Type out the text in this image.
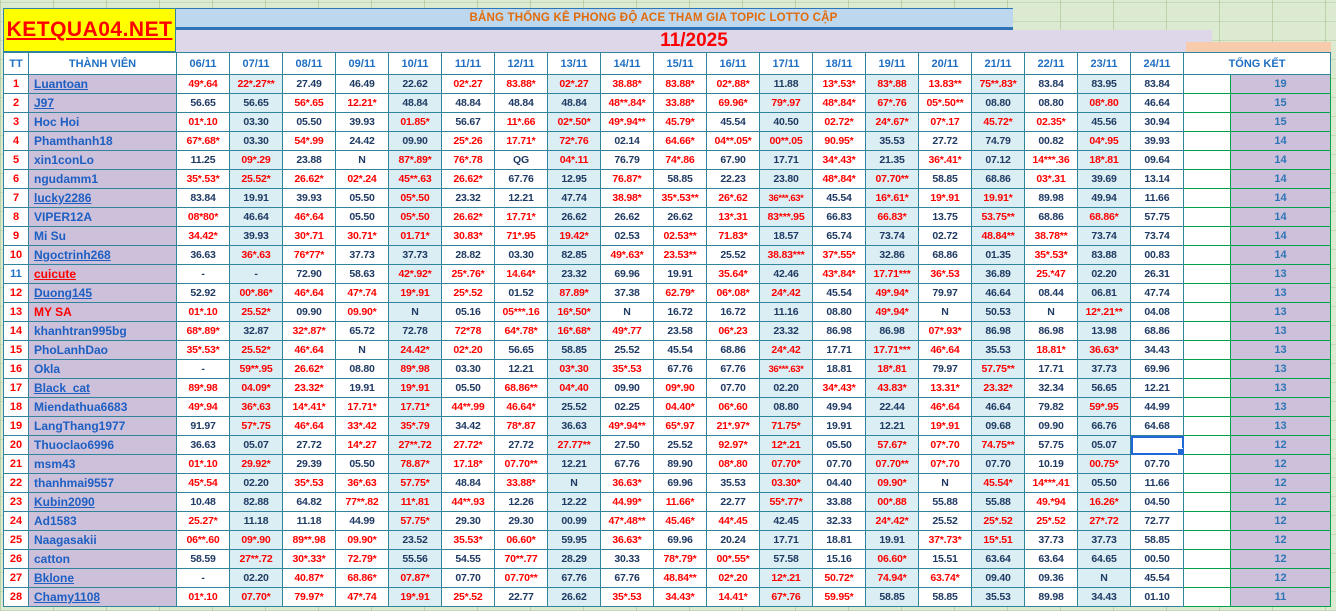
KETQUA04.NET	BẢNG THỐNG KÊ PHONG ĐỘ ACE THAM GIA TOPIC LOTTO CẬP
11/2025
TT	THÀNH VIÊN	06/11	07/11	08/11	09/11	10/11	11/11	12/11	13/11	14/11	15/11	16/11	17/11	18/11	19/11	20/11	21/11	22/11	23/11	24/11	TỔNG KẾT	
1	Luantoan	49*.64	22*.27**	27.49	46.49	22.62	02*.27	83.88*	02*.27	38.88*	83.88*	02*.88*	11.88	13*.53*	83*.88	13.83**	75**.83*	83.84	83.95	83.84		19
2	J97	56.65	56.65	56*.65	12.21*	48.84	48.84	48.84	48.84	48**.84*	33.88*	69.96*	79*.97	48*.84*	67*.76	05*.50**	08.80	08.80	08*.80	46.64		15
3	Hoc Hoi	01*.10	03.30	05.50	39.93	01.85*	56.67	11*.66	02*.50*	49*.94**	45.79*	45.54	40.50	02.72*	24*.67*	07*.17	45.72*	02.35*	45.56	30.94		15
4	Phamthanh18	67*.68*	03.30	54*.99	24.42	09.90	25*.26	17.71*	72*.76	02.14	64.66*	04**.05*	00**.05	90.95*	35.53	27.72	74.79	00.82	04*.95	39.93		14
5	xin1conLo	11.25	09*.29	23.88	N	87*.89*	76*.78	QG	04*.11	76.79	74*.86	67.90	17.71	34*.43*	21.35	36*.41*	07.12	14***.36	18*.81	09.64		14
6	ngudamm1	35*.53*	25.52*	26.62*	02*.24	45**.63	26.62*	67.76	12.95	76.87*	58.85	22.23	23.80	48*.84*	07.70**	58.85	68.86	03*.31	39.69	13.14		14
7	lucky2286	83.84	19.91	39.93	05.50	05*.50	23.32	12.21	47.74	38.98*	35*.53**	26*.62	36***.63*	45.54	16*.61*	19*.91	19.91*	89.98	49.94	11.66		14
8	VIPER12A	08*80*	46.64	46*.64	05.50	05*.50	26.62*	17.71*	26.62	26.62	26.62	13*.31	83***.95	66.83	66.83*	13.75	53.75**	68.86	68.86*	57.75		14
9	Mi Su	34.42*	39.93	30*.71	30.71*	01.71*	30.83*	71*.95	19.42*	02.53	02.53**	71.83*	18.57	65.74	73.74	02.72	48.84**	38.78**	73.74	73.74		14
10	Ngoctrinh268	36.63	36*.63	76*77*	37.73	37.73	28.82	03.30	82.85	49*.63*	23.53**	25.52	38.83***	37*.55*	32.86	68.86	01.35	35*.53*	83.88	00.83		14
11	cuicute	-	-	72.90	58.63	42*.92*	25*.76*	14.64*	23.32	69.96	19.91	35.64*	42.46	43*.84*	17.71***	36*.53	36.89	25.*47	02.20	26.31		13
12	Duong145	52.92	00*.86*	46*.64	47*.74	19*.91	25*.52	01.52	87.89*	37.38	62.79*	06*.08*	24*.42	45.54	49*.94*	79.97	46.64	08.44	06.81	47.74		13
13	MY SA	01*.10	25.52*	09.90	09.90*	N	05.16	05***.16	16*.50*	N	16.72	16.72	11.16	08.80	49*.94*	N	50.53	N	12*.21**	04.08		13
14	khanhtran995bg	68*.89*	32.87	32*.87*	65.72	72.78	72*78	64*.78*	16*.68*	49*.77	23.58	06*.23	23.32	86.98	86.98	07*.93*	86.98	86.98	13.98	68.86		13
15	PhoLanhDao	35*.53*	25.52*	46*.64	N	24.42*	02*.20	56.65	58.85	25.52	45.54	68.86	24*.42	17.71	17.71***	46*.64	35.53	18.81*	36.63*	34.43		13
16	Okla	-	59**.95	26.62*	08.80	89*.98	03.30	12.21	03*.30	35*.53	67.76	67.76	36***.63*	18.81	18*.81	79.97	57.75**	17.71	37.73	69.96		13
17	Black_cat	89*.98	04.09*	23.32*	19.91	19*.91	05.50	68.86**	04*.40	09.90	09*.90	07.70	02.20	34*.43*	43.83*	13.31*	23.32*	32.34	56.65	12.21		13
18	Miendathua6683	49*.94	36*.63	14*.41*	17.71*	17.71*	44**.99	46.64*	25.52	02.25	04.40*	06*.60	08.80	49.94	22.44	46*.64	46.64	79.82	59*.95	44.99		13
19	LangThang1977	91.97	57*.75	46*.64	33*.42	35*.79	34.42	78*.87	36.63	49*.94**	65*.97	21*.97*	71.75*	19.91	12.21	19*.91	09.68	09.90	66.76	64.68		13
20	Thuoclao6996	36.63	05.07	27.72	14*.27	27**.72	27.72*	27.72	27.77**	27.50	25.52	92.97*	12*.21	05.50	57.67*	07*.70	74.75**	57.75	05.07			12
21	msm43	01*.10	29.92*	29.39	05.50	78.87*	17.18*	07.70**	12.21	67.76	89.90	08*.80	07.70*	07.70	07.70**	07*.70	07.70	10.19	00.75*	07.70		12
22	thanhmai9557	45*.54	02.20	35*.53	36*.63	57.75*	48.84	33.88*	N	36.63*	69.96	35.53	03.30*	04.40	09.90*	N	45.54*	14***.41	05.50	11.66		12
23	Kubin2090	10.48	82.88	64.82	77**.82	11*.81	44**.93	12.26	12.22	44.99*	11.66*	22.77	55*.77*	33.88	00*.88	55.88	55.88	49.*94	16.26*	04.50		12
24	Ad1583	25.27*	11.18	11.18	44.99	57.75*	29.30	29.30	00.99	47*.48**	45.46*	44*.45	42.45	32.33	24*.42*	25.52	25*.52	25*.52	27*.72	72.77		12
25	Naagasakii	06**.60	09*.90	89**.98	09.90*	23.52	35.53*	06.60*	59.95	36.63*	69.96	20.24	17.71	18.81	19.91	37*.73*	15*.51	37.73	37.73	58.85		12
26	catton	58.59	27**.72	30*.33*	72.79*	55.56	54.55	70**.77	28.29	30.33	78*.79*	00*.55*	57.58	15.16	06.60*	15.51	63.64	63.64	64.65	00.50		12
27	Bklone	-	02.20	40.87*	68.86*	07.87*	07.70	07.70**	67.76	67.76	48.84**	02*.20	12*.21	50.72*	74.94*	63.74*	09.40	09.36	N	45.54		12
28	Chamy1108	01*.10	07.70*	79.97*	47*.74	19*.91	25*.52	22.77	26.62	35*.53	34.43*	14.41*	67*.76	59.95*	58.85	58.85	35.53	89.98	34.43	01.10		11
